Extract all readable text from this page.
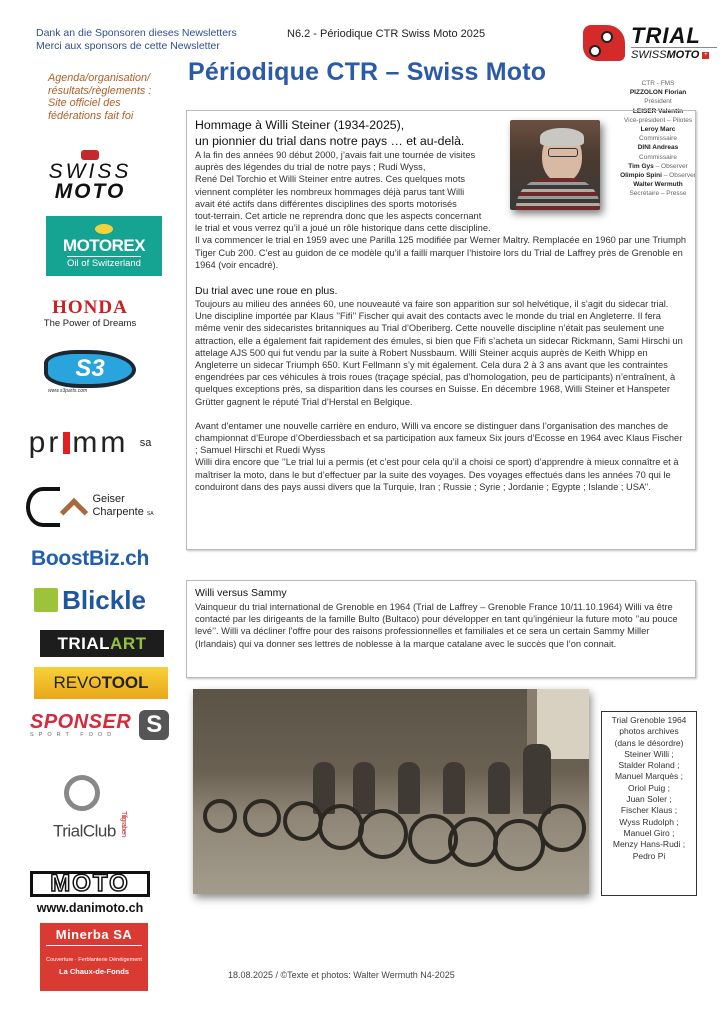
Dank an die Sponsoren dieses Newsletters
Merci aux sponsors de cette Newsletter
N6.2 - Périodique CTR Swiss Moto 2025	TRIAL
SWISSMOTO +
Agenda/organisation/
résultats/règlements :
Site officiel des
fédérations fait foi
Périodique CTR – Swiss Moto	CTR - FMS
PIZZOLON Florian
Président
LEISER Valentin
Vice-président – Pilotes
Leroy Marc
Commissaire
DINI Andreas
Commissaire
Tim Gys – Observer
Olimpio Spini – Observer
Walter Wermuth
Secrétaire – Presse
Hommage à Willi Steiner (1934-2025),
un pionnier du trial dans notre pays … et au-delà.

A la fin des années 90 début 2000, j’avais fait une tournée de visites

auprès des légendes du trial de notre pays ; Rudi Wyss,

René Del Torchio et Willi Steiner entre autres. Ces quelques mots

viennent compléter les nombreux hommages déjà parus tant Willi

avait été actifs dans différentes disciplines des sports motorisés

tout-terrain. Cet article ne reprendra donc que les aspects concernant

le trial et vous verrez qu’il a joué un rôle historique dans cette discipline.

Il va commencer le trial en 1959 avec une Parilla 125 modifiée par Werner Maltry. Remplacée en 1960 par une Triumph Tiger Cub 200. C’est au guidon de ce modèle qu’il a failli marquer l’histoire lors du Trial de Laffrey près de Grenoble en 1964 (voir encadré).

Du trial avec une roue en plus.

Toujours au milieu des années 60, une nouveauté va faire son apparition sur sol helvétique, il s’agit du sidecar trial. Une discipline importée par Klaus ’’Fifi’’ Fischer qui avait des contacts avec le monde du trial en Angleterre. Il fera même venir des sidecaristes britanniques au Trial d’Oberiberg. Cette nouvelle discipline n’était pas seulement une attraction, elle a également fait rapidement des émules, si bien que Fifi s’acheta un sidecar Rickmann, Sami Hirschi un attelage AJS 500 qui fut vendu par la suite à Robert Nussbaum. Willi Steiner acquis auprès de Keith Whipp en Angleterre un sidecar Triumph 650. Kurt Fellmann s’y mit également. Cela dura 2 à 3 ans avant que les contraintes engendrées par ces véhicules à trois roues (traçage spécial, pas d’homologation, peu de participants) n’entraînent, à quelques exceptions près, sa disparition dans les courses en Suisse. En décembre 1968, Willi Steiner et Hanspeter Grütter gagnent le réputé Trial d’Herstal en Belgique.

Avant d’entamer une nouvelle carrière en enduro, Willi va encore se distinguer dans l’organisation des manches de championnat d’Europe d’Oberdiessbach et sa participation aux fameux Six jours d’Ecosse en 1964 avec Klaus Fischer ; Samuel Hirschi et Ruedi Wyss

Willi dira encore que ’’Le trial lui a permis (et c’est pour cela qu’il a choisi ce sport) d’apprendre à mieux connaître et à maîtriser la moto, dans le but d’effectuer par la suite des voyages. Des voyages effectués dans les années 70 qui le conduiront dans des pays aussi divers que la Turquie, Iran ; Russie ; Syrie ; Jordanie ; Egypte ; Islande ; USA’’.

Willi versus Sammy

Vainqueur du trial international de Grenoble en 1964 (Trial de Laffrey – Grenoble France 10/11.10.1964) Willi va être contacté par les dirigeants de la famille Bulto (Bultaco) pour développer en tant qu’ingénieur la future moto ’’au pouce levé’’. Willi va décliner l’offre pour des raisons professionnelles et familiales et ce sera un certain Sammy Miller (Irlandais) qui va donner ses lettres de noblesse à la marque catalane avec le succès que l’on connait.

Trial Grenoble 1964
photos archives
(dans le désordre)
Steiner Willi ;
Stalder Roland ;
Manuel Marquès ;
Oriol Puig ;
Juan Soler ;
Fischer Klaus ;
Wyss Rudolph ;
Manuel Giro ;
Menzy Hans-Rudi ;
Pedro Pi
18.08.2025 / ©Texte et photos: Walter Wermuth N4-2025
SWISS
MOTO
MOTOREX
Oil of Switzerland
HONDA
The Power of Dreams
S3
www.s3parts.com
pr mm
sa
Geiser
Charpente SA
BoostBiz.ch
Blickle
TRIAL ART
REVO TOOL
SPONSER
SPORT FOOD	S
TrialClub Tiligraben
MOTO
www.danimoto.ch
Minerba SA
Couverture · Ferblanterie Dénéigement
La Chaux-de-Fonds
